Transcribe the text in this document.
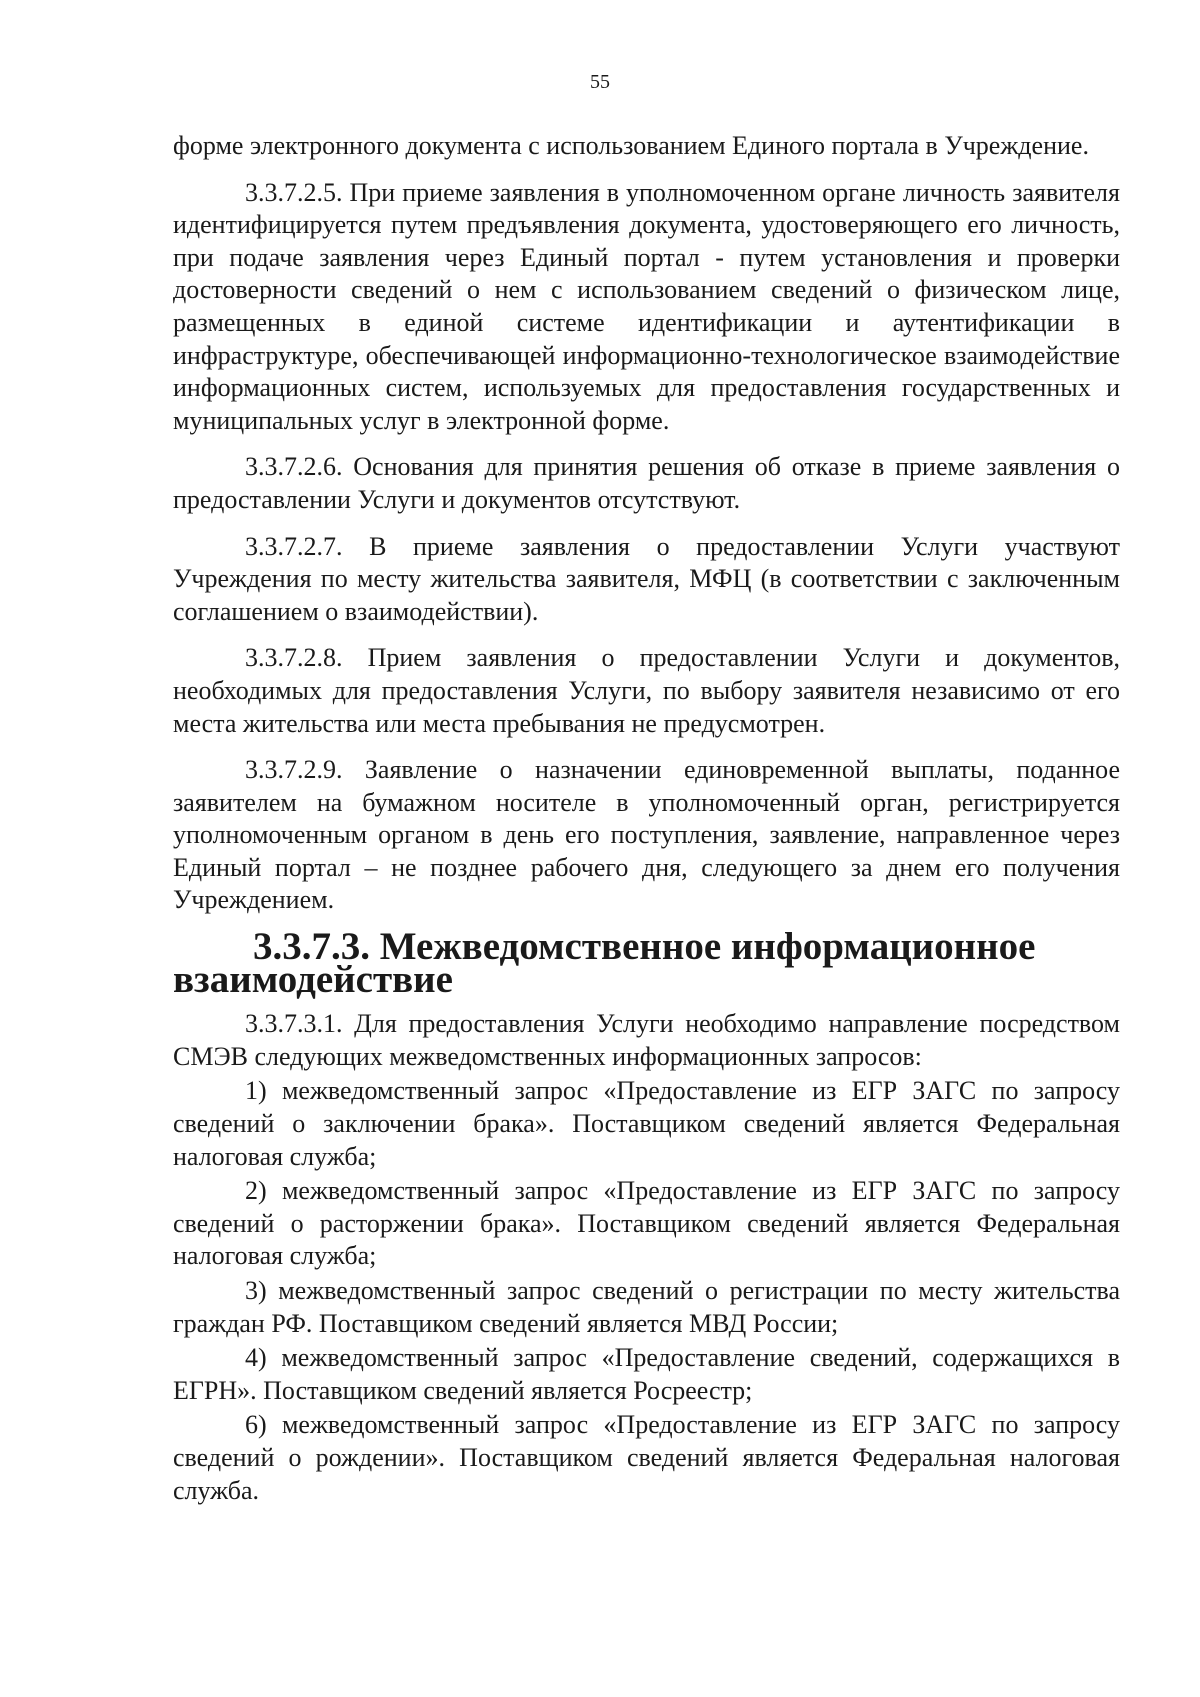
55

форме электронного документа с использованием Единого портала в Учреждение.

3.3.7.2.5. При приеме заявления в уполномоченном органе личность заявителя идентифицируется путем предъявления документа, удостоверяющего его личность, при подаче заявления через Единый портал - путем установления и проверки достоверности сведений о нем с использованием сведений о физическом лице, размещенных в единой системе идентификации и аутентификации в инфраструктуре, обеспечивающей информационно-технологическое взаимодействие информационных систем, используемых для предоставления государственных и муниципальных услуг в электронной форме.

3.3.7.2.6. Основания для принятия решения об отказе в приеме заявления о предоставлении Услуги и документов отсутствуют.

3.3.7.2.7. В приеме заявления о предоставлении Услуги участвуют Учреждения по месту жительства заявителя, МФЦ (в соответствии с заключенным соглашением о взаимодействии).

3.3.7.2.8. Прием заявления о предоставлении Услуги и документов, необходимых для предоставления Услуги, по выбору заявителя независимо от его места жительства или места пребывания не предусмотрен.

3.3.7.2.9. Заявление о назначении единовременной выплаты, поданное заявителем на бумажном носителе в уполномоченный орган, регистрируется уполномоченным органом в день его поступления, заявление, направленное через Единый портал – не позднее рабочего дня, следующего за днем его получения Учреждением.

3.3.7.3. Межведомственное информационное взаимодействие

3.3.7.3.1. Для предоставления Услуги необходимо направление посредством СМЭВ следующих межведомственных информационных запросов:

1) межведомственный запрос «Предоставление из ЕГР ЗАГС по запросу сведений о заключении брака». Поставщиком сведений является Федеральная налоговая служба;

2) межведомственный запрос «Предоставление из ЕГР ЗАГС по запросу сведений о расторжении брака». Поставщиком сведений является Федеральная налоговая служба;

3) межведомственный запрос сведений о регистрации по месту жительства граждан РФ. Поставщиком сведений является МВД России;

4) межведомственный запрос «Предоставление сведений, содержащихся в ЕГРН». Поставщиком сведений является Росреестр;

6) межведомственный запрос «Предоставление из ЕГР ЗАГС по запросу сведений о рождении». Поставщиком сведений является Федеральная налоговая служба.
